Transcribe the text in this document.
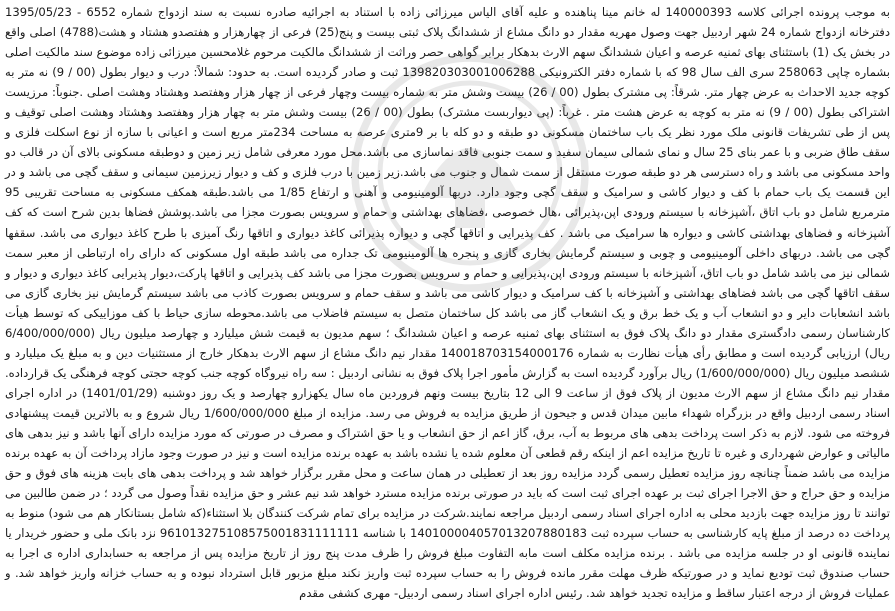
به موجب پرونده اجرائی کلاسه 140000393 له خانم مینا پناهنده و علیه آقای الیاس میرزائی زاده با استناد به اجرائیه صادره نسبت به سند ازدواج شماره 6552 - 1395/05/23 دفترخانه ازدواج شماره 24 شهر اردبیل جهت وصول مهریه مقدار دو دانگ مشاع از ششدانگ پلاک ثبتی بیست و پنج(25) فرعی از چهارهزار و هفتصدو هشتاد و هشت(4788) اصلی واقع در بخش یک (1) باستثنای بهای ثمنیه عرصه و اعیان ششدانگ سهم الارث بدهکار برابر گواهی حصر وراثت از ششدانگ مالکیت مرحوم غلامحسین میرزائی زاده موضوع سند مالکیت اصلی بشماره چاپی 258063 سری الف سال 98 که با شماره دفتر الکترونیکی 139820303001006288 ثبت و صادر گردیده است. به حدود: شمالاً: درب و دیوار بطول (00 / 9) نه متر به کوچه جدید الاحداث به عرض چهار متر. شرقاً: پی مشترک بطول (00 / 26) بیست وشش متر به شماره بیست وچهار فرعی از چهار هزار وهفتصد وهشتاد وهشت اصلی .جنوباً: مرزیست اشتراکی بطول (00 / 9) نه متر به کوچه به عرض هشت متر . غرباً: (پی دیواربست مشترک) بطول (00 / 26) بیست وشش متر به چهار هزار وهفتصد وهشتاد وهشت اصلی توقیف و پس از طی تشریفات قانونی ملک مورد نظر یک باب ساختمان مسکونی دو طبقه و دو کله با بر 9متری عرصه به مساحت 234متر مربع است و اعیانی با سازه از نوع اسکلت فلزی و سقف طاق ضربی و با عمر بنای 25 سال و نمای شمالی سیمان سفید و سمت جنوبی فاقد نماسازی می باشد.محل مورد معرفی شامل زیر زمین و دوطبقه مسکونی بالای آن در قالب دو واحد مسکونی می باشد و راه دسترسی هر دو طبقه صورت مستقل از سمت شمال و جنوب می باشد.زیر زمین با درب فلزی و کف و دیوار زیرزمین سیمانی و سقف گچی می باشد و در این قسمت یک باب حمام با کف و دیوار کاشی و سرامیک و سقف گچی وجود دارد. دربها آلومینیومی و آهنی و ارتفاع 1/85 می باشد.طبقه همکف مسکونی به مساحت تقریبی 95 مترمربع شامل دو باب اتاق ،آشپزخانه با سیستم ورودی اپن،پذیرائی ،هال خصوصی ،فضاهای بهداشتی و حمام و سرویس بصورت مجزا می باشد.پوشش فضاها بدین شرح است که کف آشپزخانه و فضاهای بهداشتی کاشی و دیواره ها سرامیک می باشد . کف پذیرایی و اتاقها گچی و دیواره پذیرائی کاغذ دیواری و اتاقها رنگ آمیزی با طرح کاغذ دیواری می باشد. سقفها گچی می باشد. دربهای داخلی آلومینیومی و چوبی و سیستم گرمایش بخاری گازی و پنجره ها آلومینیومی تک جداره می باشد طبقه اول مسکونی که دارای راه ارتباطی از معبر سمت شمالی نیز می باشد شامل دو باب اتاق، آشپزخانه با سیستم ورودی اپن،پذیرایی و حمام و سرویس بصورت مجزا می باشد کف پذیرایی و اتاقها پارکت،دیوار پذیرایی کاغذ دیواری و دیوار و سقف اتاقها گچی می باشد فضاهای بهداشتی و آشپزخانه با کف سرامیک و دیوار کاشی می باشد و سقف حمام و سرویس بصورت کاذب می باشد سیستم گرمایش نیز بخاری گازی می باشد انشعابات دایر و دو انشعاب آب و یک خط برق و یک انشعاب گاز می باشد کل ساختمان متصل به سیستم فاضلاب می باشد.محوطه سازی حیاط با کف موزاییکی که توسط هیأت کارشناسان رسمی دادگستری مقدار دو دانگ پلاک فوق به استثنای بهای ثمنیه عرصه و اعیان ششدانگ ؛ سهم مدیون به قیمت شش میلیارد و چهارصد میلیون ریال (6/400/000/000 ریال) ارزیابی گردیده است و مطابق رأی هیأت نظارت به شماره 140018703154000176 مقدار نیم دانگ مشاع از سهم الارث بدهکار خارج از مستثنیات دین و به مبلغ یک میلیارد و ششصد میلیون ریال (1/600/000/000) ریال برآورد گردیده است به گزارش مأمور اجرا پلاک فوق به نشانی اردبیل : سه راه نیروگاه کوچه جنب کوچه حجتی کوچه فرهنگی یک قرارداده. مقدار نیم دانگ مشاع از سهم الارث مدیون از پلاک فوق از ساعت 9 الی 12 بتاریخ بیست ونهم فروردین ماه سال یکهزارو چهارصد و یک روز دوشنبه (1401/01/29) در اداره اجرای اسناد رسمی اردبیل واقع در بزرگراه شهداء مابین میدان قدس و جیحون از طریق مزایده به فروش می رسد. مزایده از مبلغ 1/600/000/000 ریال شروع و به بالاترین قیمت پیشنهادی فروخته می شود. لازم به ذکر است پرداخت بدهی های مربوط به آب، برق، گاز اعم از حق انشعاب و یا حق اشتراک و مصرف در صورتی که مورد مزایده دارای آنها باشد و نیز بدهی های مالیاتی و عوارض شهرداری و غیره تا تاریخ مزایده اعم از اینکه رقم قطعی آن معلوم شده یا نشده باشد به عهده برنده مزایده است و نیز در صورت وجود مازاد پرداخت آن به عهده برنده مزایده می باشد ضمناً چنانچه روز مزایده تعطیل رسمی گردد مزایده روز بعد از تعطیلی در همان ساعت و محل مقرر برگزار خواهد شد و پرداخت بدهی های بابت هزینه های فوق و حق مزایده و حق حراج و حق الاجرا اجرای ثبت بر عهده اجرای ثبت است که باید در صورتی برنده مزایده مسترد خواهد شد نیم عشر و حق مزایده نقداً وصول می گردد ؛ در ضمن طالبین می توانند تا روز مزایده جهت بازدید محلی به اداره اجرای اسناد رسمی اردبیل مراجعه نمایند.شرکت در مزایده برای تمام شرکت کنندگان بلا استثناء(که شامل بستانکار هم می شود) منوط به پرداخت ده درصد از مبلغ پایه کارشناسی به حساب سپرده ثبت 140100004057013207880183 با شناسه 961013275108575001831111111 نزد بانک ملی و حضور خریدار یا نماینده قانونی او در جلسه مزایده می باشد . برنده مزایده مکلف است مابه التفاوت مبلغ فروش را ظرف مدت پنج روز از تاریخ مزایده پس از مراجعه به حسابداری اداره ی اجرا به حساب صندوق ثبت تودیع نماید و در صورتیکه ظرف مهلت مقرر مانده فروش را به حساب سپرده ثبت واریز نکند مبلغ مزبور قابل استرداد نبوده و به حساب خزانه واریز خواهد شد. و عملیات فروش از درجه اعتبار ساقط و مزایده تجدید خواهد شد. رئیس اداره اجرای اسناد رسمی اردبیل- مهری کشفی مقدم
